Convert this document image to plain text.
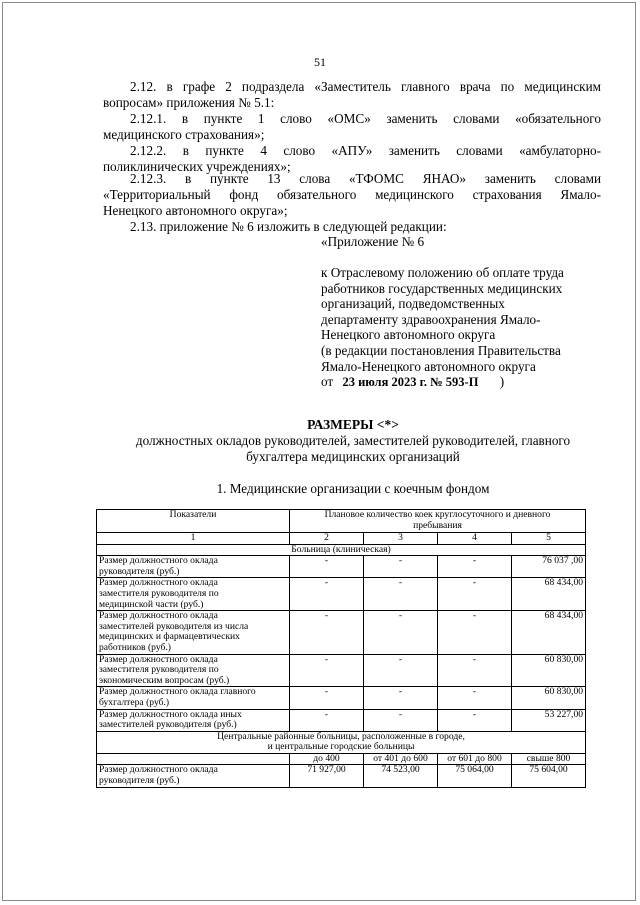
51
2.12. в графе 2 подраздела «Заместитель главного врача по медицинским
вопросам» приложения № 5.1:
2.12.1. в пункте 1 слово «ОМС» заменить словами «обязательного
медицинского страхования»;
2.12.2. в пункте 4 слово «АПУ» заменить словами «амбулаторно-
поликлинических учреждениях»;
2.12.3. в пункте 13 слова «ТФОМС ЯНАО» заменить словами
«Территориальный фонд обязательного медицинского страхования Ямало-
Ненецкого автономного округа»;
2.13. приложение № 6 изложить в следующей редакции:
«Приложение № 6
к Отраслевому положению об оплате труда
работников государственных медицинских
организаций, подведомственных
департаменту здравоохранения Ямало-
Ненецкого автономного округа
(в редакции постановления Правительства
Ямало-Ненецкого автономного округа
от 23 июля 2023 г. № 593-П )
РАЗМЕРЫ <*>
должностных окладов руководителей, заместителей руководителей, главного
бухгалтера медицинских организаций
1. Медицинские организации с коечным фондом
Показатели	Плановое количество коек круглосуточного и дневного
пребывания			

1	2	3	4	5
Больница (клиническая)				

Размер должностного оклада
руководителя (руб.)	-	-	-	76 037 ,00

Размер должностного оклада
заместителя руководителя по
медицинской части (руб.)	-	-	-	68 434,00

Размер должностного оклада
заместителей руководителя из числа
медицинских и фармацевтических
работников (руб.)	-	-	-	68 434,00

Размер должностного оклада
заместителя руководителя по
экономическим вопросам (руб.)	-	-	-	60 830,00

Размер должностного оклада главного
бухгалтера (руб.)	-	-	-	60 830,00

Размер должностного оклада иных
заместителей руководителя (руб.)	-	-	-	53 227,00

Центральные районные больницы, расположенные в городе,
и центральные городские больницы				

	до 400	от 401 до 600	от 601 до 800	свыше 800

Размер должностного оклада
руководителя (руб.)	71 927,00	74 523,00	75 064,00	75 604,00
